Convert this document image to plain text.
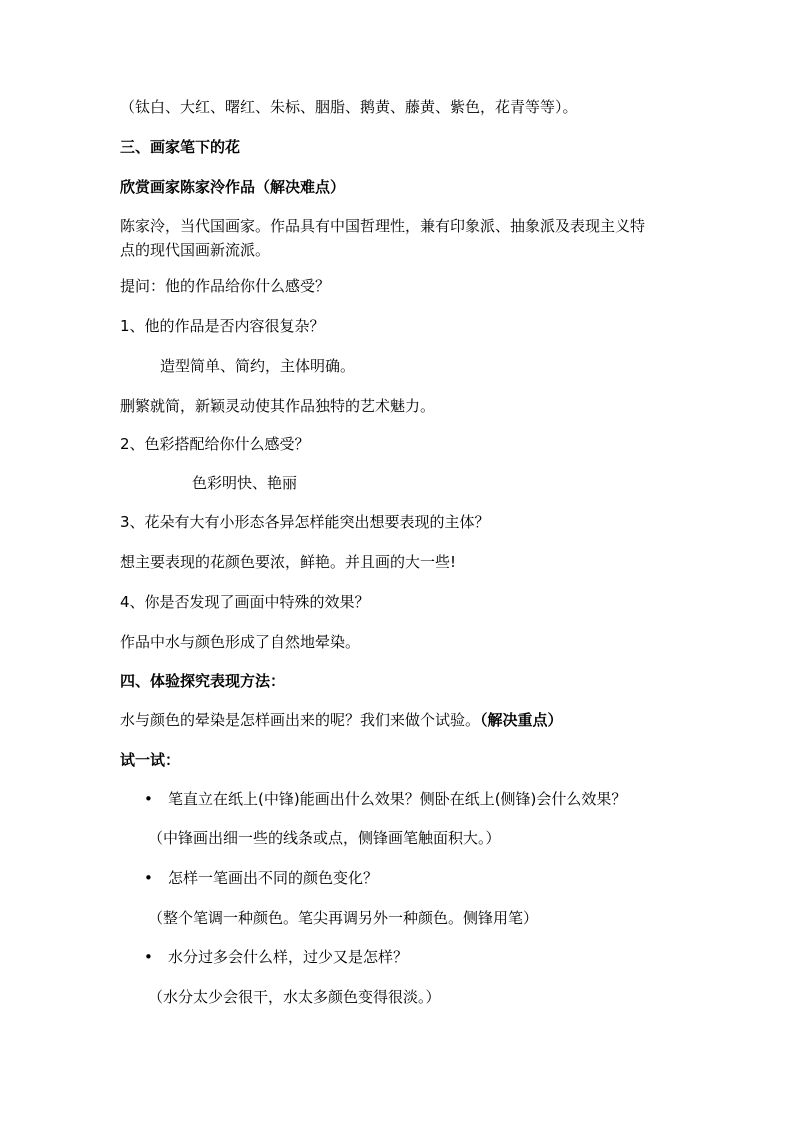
（钛白、大红、曙红、朱标、胭脂、鹅黄、藤黄、紫色，花青等等）。

三、画家笔下的花

欣赏画家陈家泠作品（解决难点）

陈家泠，当代国画家。作品具有中国哲理性，兼有印象派、抽象派及表现主义特

点的现代国画新流派。

提问：他的作品给你什么感受？

1、他的作品是否内容很复杂？

造型简单、简约，主体明确。

删繁就简，新颖灵动使其作品独特的艺术魅力。

2、色彩搭配给你什么感受？

色彩明快、艳丽

3、花朵有大有小形态各异怎样能突出想要表现的主体？

想主要表现的花颜色要浓，鲜艳。并且画的大一些!

4、你是否发现了画面中特殊的效果？

作品中水与颜色形成了自然地晕染。

四、体验探究表现方法：

水与颜色的晕染是怎样画出来的呢？我们来做个试验。（解决重点）

试一试：

• 笔直立在纸上(中锋)能画出什么效果？侧卧在纸上(侧锋)会什么效果？

（中锋画出细一些的线条或点，侧锋画笔触面积大。）

• 怎样一笔画出不同的颜色变化？

（整个笔调一种颜色。笔尖再调另外一种颜色。侧锋用笔）

• 水分过多会什么样，过少又是怎样？

（水分太少会很干，水太多颜色变得很淡。）
